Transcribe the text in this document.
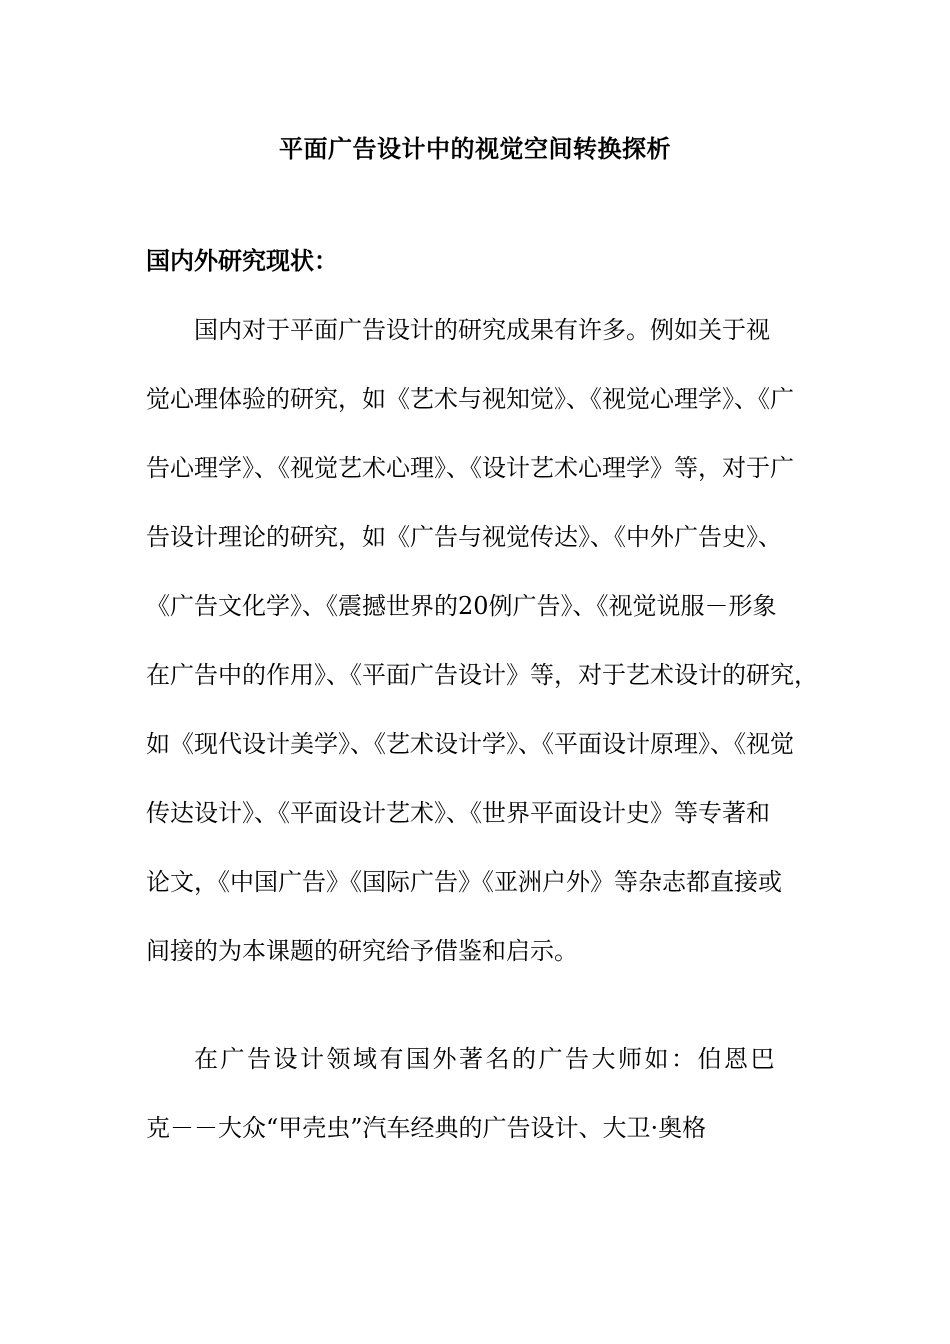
平面广告设计中的视觉空间转换探析
国内外研究现状：
国内对于平面广告设计的研究成果有许多。例如关于视
觉心理体验的研究，如《艺术与视知觉》、《视觉心理学》、《广
告心理学》、《视觉艺术心理》、《设计艺术心理学》等，对于广
告设计理论的研究，如《广告与视觉传达》、《中外广告史》、
《广告文化学》、《震撼世界的20例广告》、《视觉说服－形象
在广告中的作用》、《平面广告设计》等，对于艺术设计的研究，
如《现代设计美学》、《艺术设计学》、《平面设计原理》、《视觉
传达设计》、《平面设计艺术》、《世界平面设计史》等专著和
论文，《中国广告》《国际广告》《亚洲户外》等杂志都直接或
间接的为本课题的研究给予借鉴和启示。
在广告设计领域有国外著名的广告大师如：伯恩巴
克－－大众“甲壳虫”汽车经典的广告设计、大卫·奥格
